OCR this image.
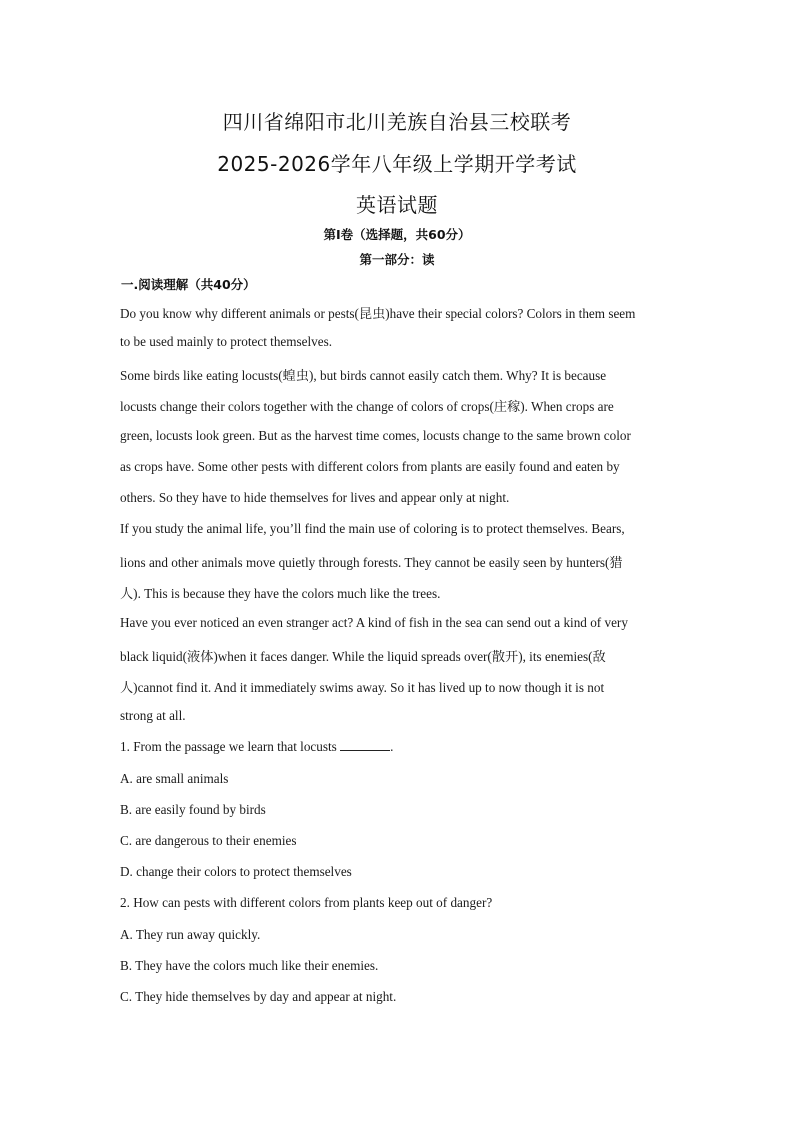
四川省绵阳市北川羌族自治县三校联考
2025-2026学年八年级上学期开学考试
英语试题
第Ⅰ卷（选择题，共60分）
第一部分：读
一.阅读理解（共40分）
Do you know why different animals or pests(昆虫)have their special colors? Colors in them seem
to be used mainly to protect themselves.
Some birds like eating locusts(蝗虫), but birds cannot easily catch them. Why? It is because
locusts change their colors together with the change of colors of crops(庄稼). When crops are
green, locusts look green. But as the harvest time comes, locusts change to the same brown color
as crops have. Some other pests with different colors from plants are easily found and eaten by
others. So they have to hide themselves for lives and appear only at night.
If you study the animal life, you’ll find the main use of coloring is to protect themselves. Bears,
lions and other animals move quietly through forests. They cannot be easily seen by hunters(猎
人). This is because they have the colors much like the trees.
Have you ever noticed an even stranger act? A kind of fish in the sea can send out a kind of very
black liquid(液体)when it faces danger. While the liquid spreads over(散开), its enemies(敌
人)cannot find it. And it immediately swims away. So it has lived up to now though it is not
strong at all.
1. From the passage we learn that locusts	.
A. are small animals
B. are easily found by birds
C. are dangerous to their enemies
D. change their colors to protect themselves
2. How can pests with different colors from plants keep out of danger?
A. They run away quickly.
B. They have the colors much like their enemies.
C. They hide themselves by day and appear at night.
